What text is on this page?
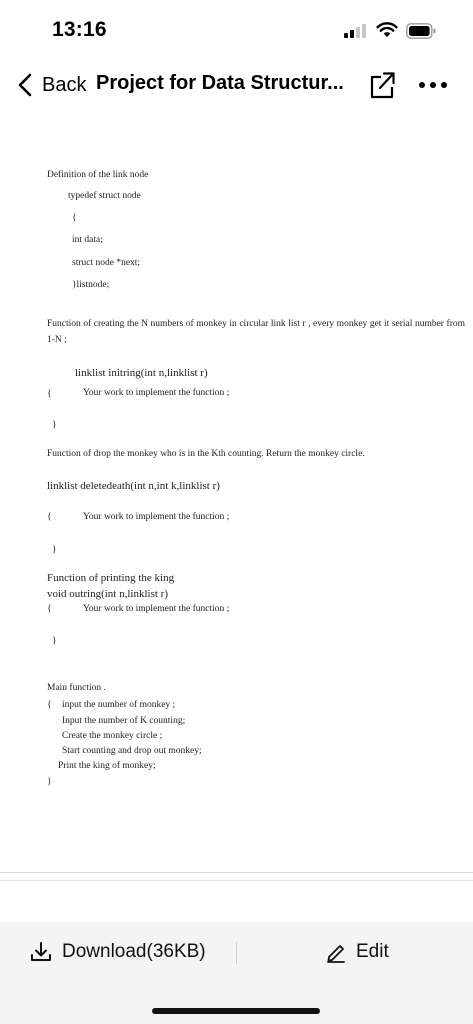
13:16
Back Project for Data Structur...
Definition of the link node
typedef struct node
{
int data;
struct node *next;
}listnode;
Function of creating the N numbers of monkey in circular link list r , every monkey get it serial number from 1-N ;
linklist initring(int n,linklist r)
{	Your work to implement the function ;
}
Function of drop the monkey who is in the Kth counting. Return the monkey circle.
linklist deletedeath(int n,int k,linklist r)
{	Your work to implement the function ;
}
Function of printing the king
void outring(int n,linklist r)
{	Your work to implement the function ;
}
Main function .
{ input the number of monkey ;
Input the number of K counting;
Create the monkey circle ;
Start counting and drop out monkey;
Print the king of monkey;
}
Download(36KB)	Edit
